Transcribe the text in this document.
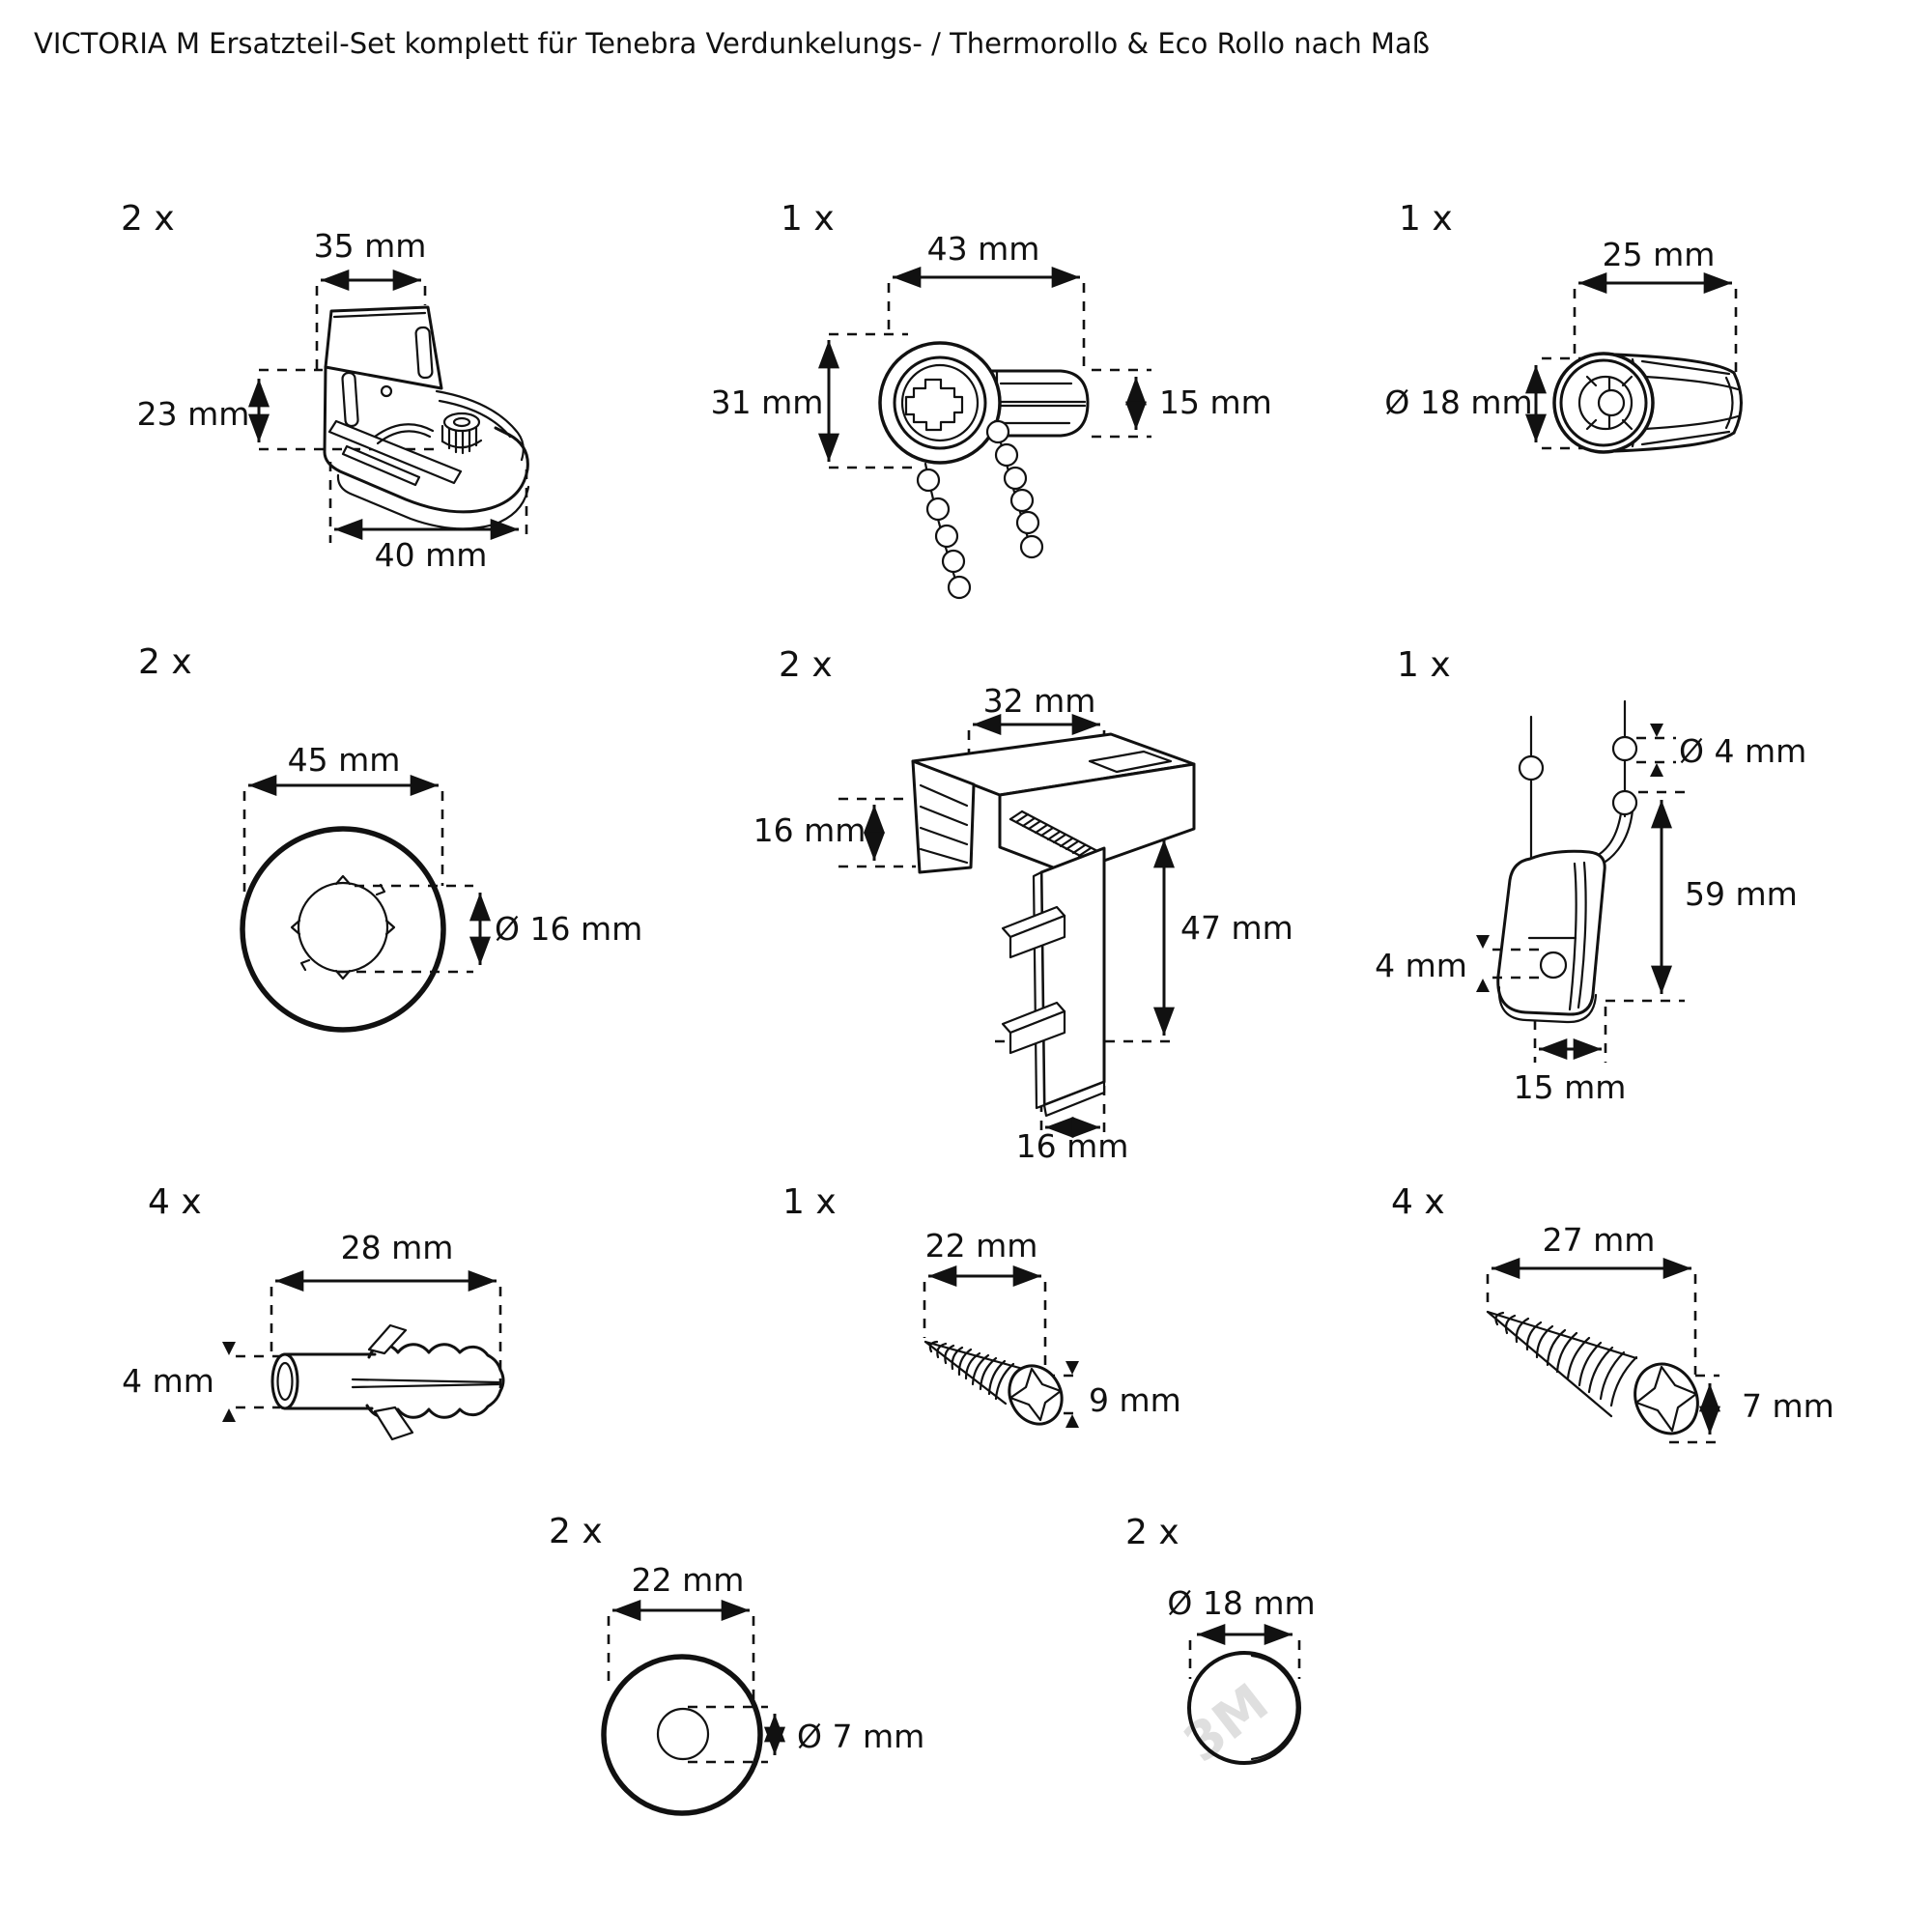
VICTORIA M Ersatzteil-Set komplett für Tenebra Verdunkelungs- / Thermorollo & Eco Rollo nach Maß
2 x
35 mm
23 mm
40 mm
1 x
43 mm
31 mm	15 mm
1 x
25 mm
Ø 18 mm
2 x
45 mm
Ø 16 mm
2 x
32 mm
16 mm
47 mm
16 mm
1 x
Ø 4 mm
59 mm
4 mm
15 mm
4 x
28 mm
4 mm
1 x
22 mm
9 mm
4 x
27 mm
7 mm
2 x
22 mm
Ø 7 mm
2 x
Ø 18 mm
3M
